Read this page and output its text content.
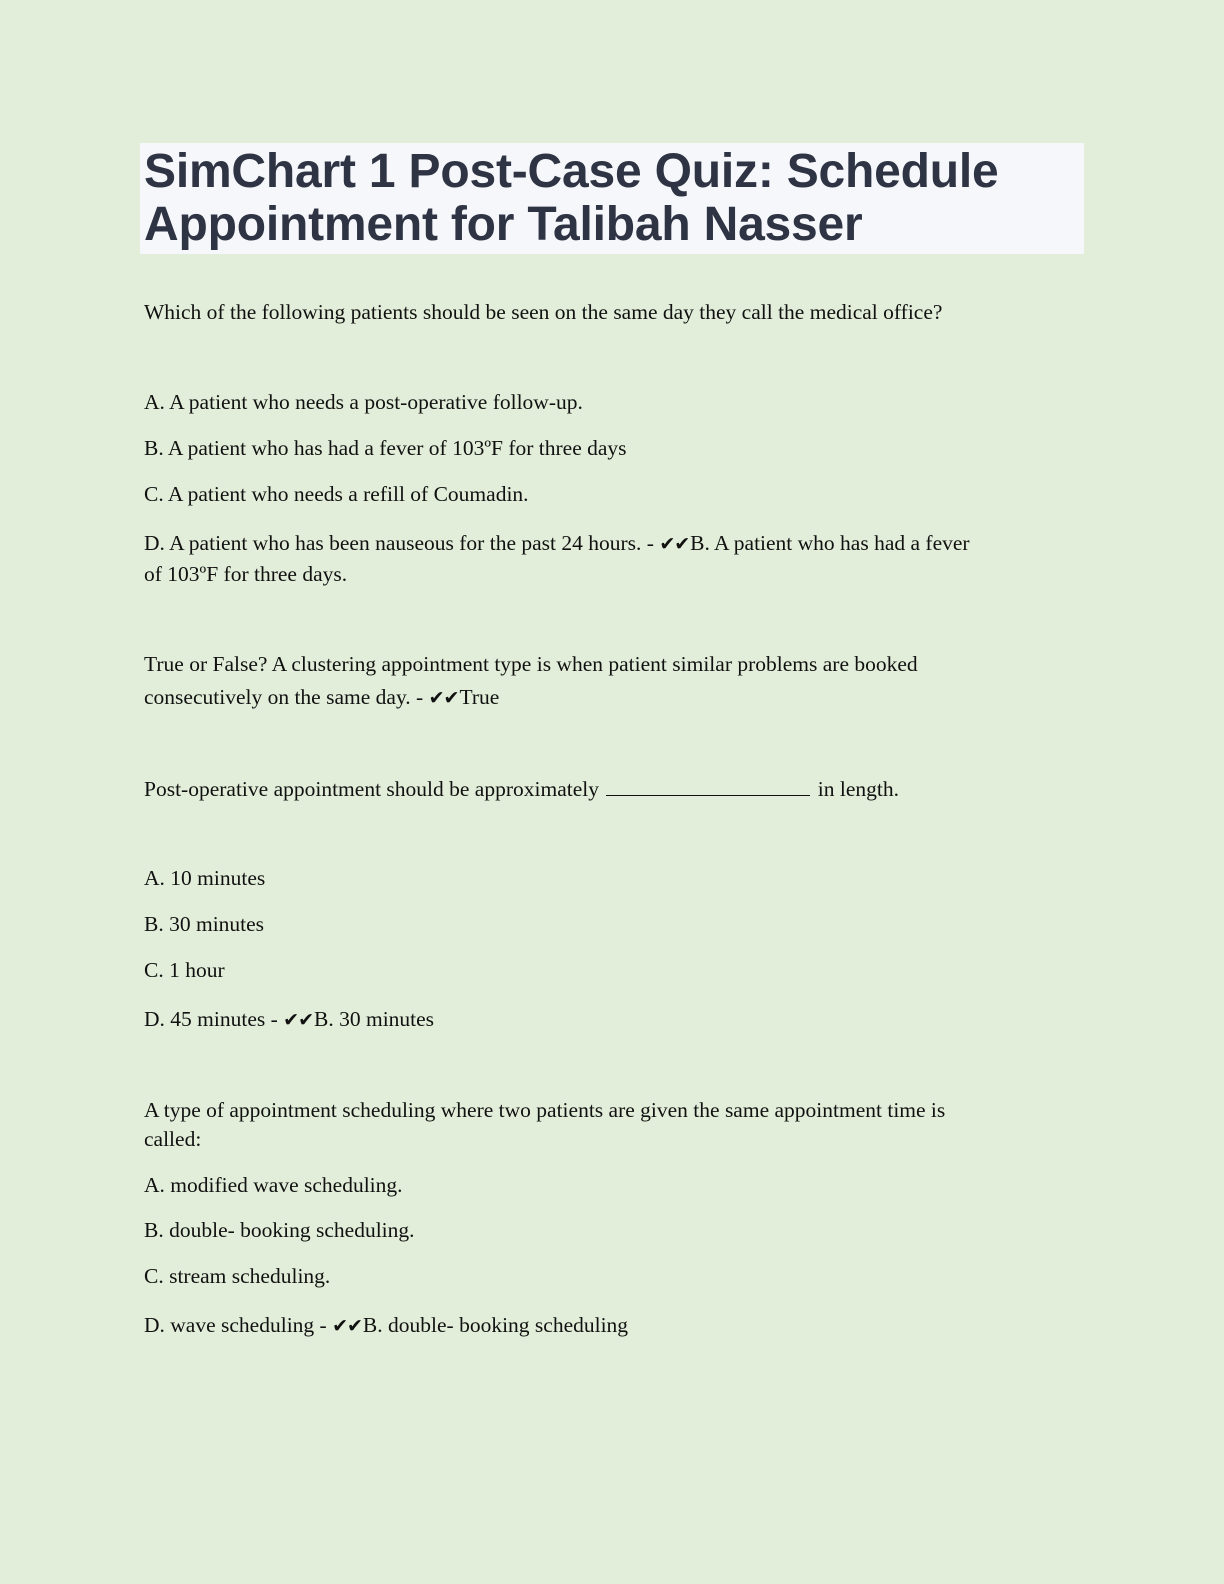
SimChart 1 Post-Case Quiz: Schedule
Appointment for Talibah Nasser

Which of the following patients should be seen on the same day they call the medical office?

A. A patient who needs a post-operative follow-up.

B. A patient who has had a fever of 103ºF for three days

C. A patient who needs a refill of Coumadin.

D. A patient who has been nauseous for the past 24 hours. - ✔✔B. A patient who has had a fever

of 103ºF for three days.

True or False? A clustering appointment type is when patient similar problems are booked

consecutively on the same day. - ✔✔True

Post-operative appointment should be approximately	in length.

A. 10 minutes

B. 30 minutes

C. 1 hour

D. 45 minutes - ✔✔B. 30 minutes

A type of appointment scheduling where two patients are given the same appointment time is

called:

A. modified wave scheduling.

B. double- booking scheduling.

C. stream scheduling.

D. wave scheduling - ✔✔B. double- booking scheduling
